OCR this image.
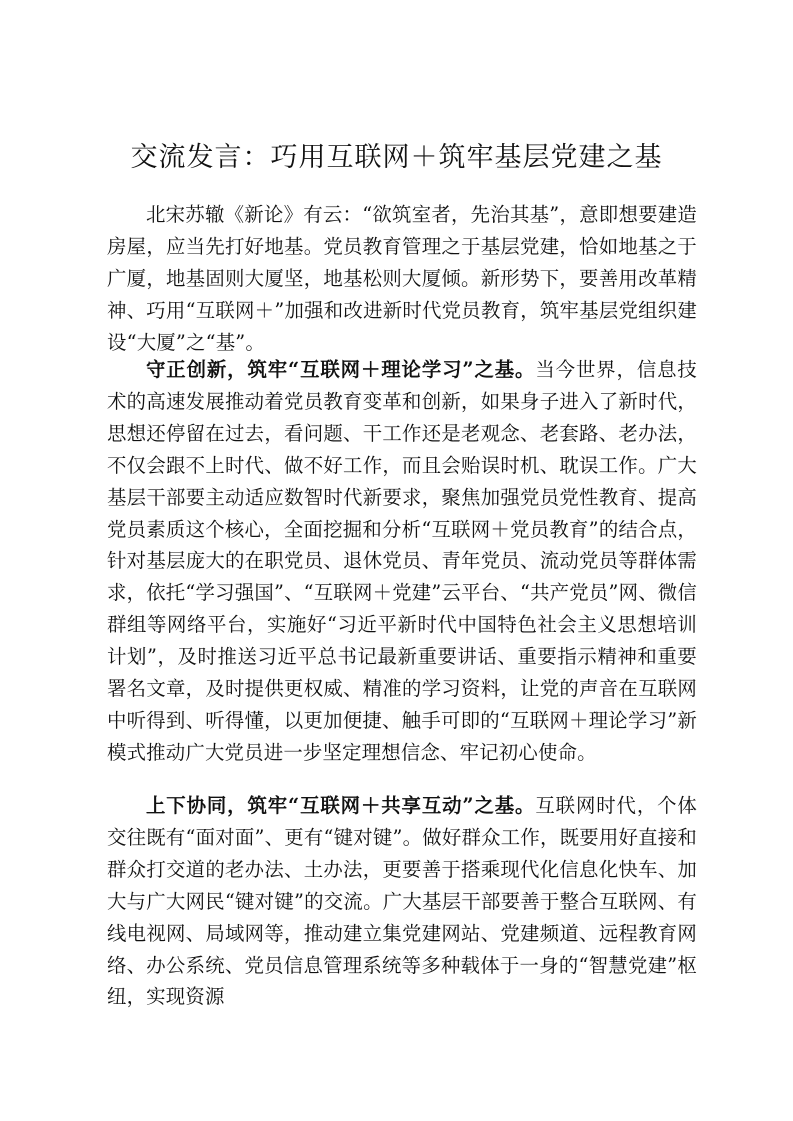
交流发言：巧用互联网＋筑牢基层党建之基

北宋苏辙《新论》有云：“欲筑室者，先治其基”，意即想要建造房屋，应当先打好地基。党员教育管理之于基层党建，恰如地基之于广厦，地基固则大厦坚，地基松则大厦倾。新形势下，要善用改革精神、巧用“互联网＋”加强和改进新时代党员教育，筑牢基层党组织建设“大厦”之“基”。

守正创新，筑牢“互联网＋理论学习”之基。当今世界，信息技术的高速发展推动着党员教育变革和创新，如果身子进入了新时代，思想还停留在过去，看问题、干工作还是老观念、老套路、老办法，不仅会跟不上时代、做不好工作，而且会贻误时机、耽误工作。广大基层干部要主动适应数智时代新要求，聚焦加强党员党性教育、提高党员素质这个核心，全面挖掘和分析“互联网＋党员教育”的结合点，针对基层庞大的在职党员、退休党员、青年党员、流动党员等群体需求，依托“学习强国”、“互联网＋党建”云平台、“共产党员”网、微信群组等网络平台，实施好“习近平新时代中国特色社会主义思想培训计划”，及时推送习近平总书记最新重要讲话、重要指示精神和重要署名文章，及时提供更权威、精准的学习资料，让党的声音在互联网中听得到、听得懂，以更加便捷、触手可即的“互联网＋理论学习”新模式推动广大党员进一步坚定理想信念、牢记初心使命。

上下协同，筑牢“互联网＋共享互动”之基。互联网时代，个体交往既有“面对面”、更有“键对键”。做好群众工作，既要用好直接和群众打交道的老办法、土办法，更要善于搭乘现代化信息化快车、加大与广大网民“键对键”的交流。广大基层干部要善于整合互联网、有线电视网、局域网等，推动建立集党建网站、党建频道、远程教育网络、办公系统、党员信息管理系统等多种载体于一身的“智慧党建”枢纽，实现资源
